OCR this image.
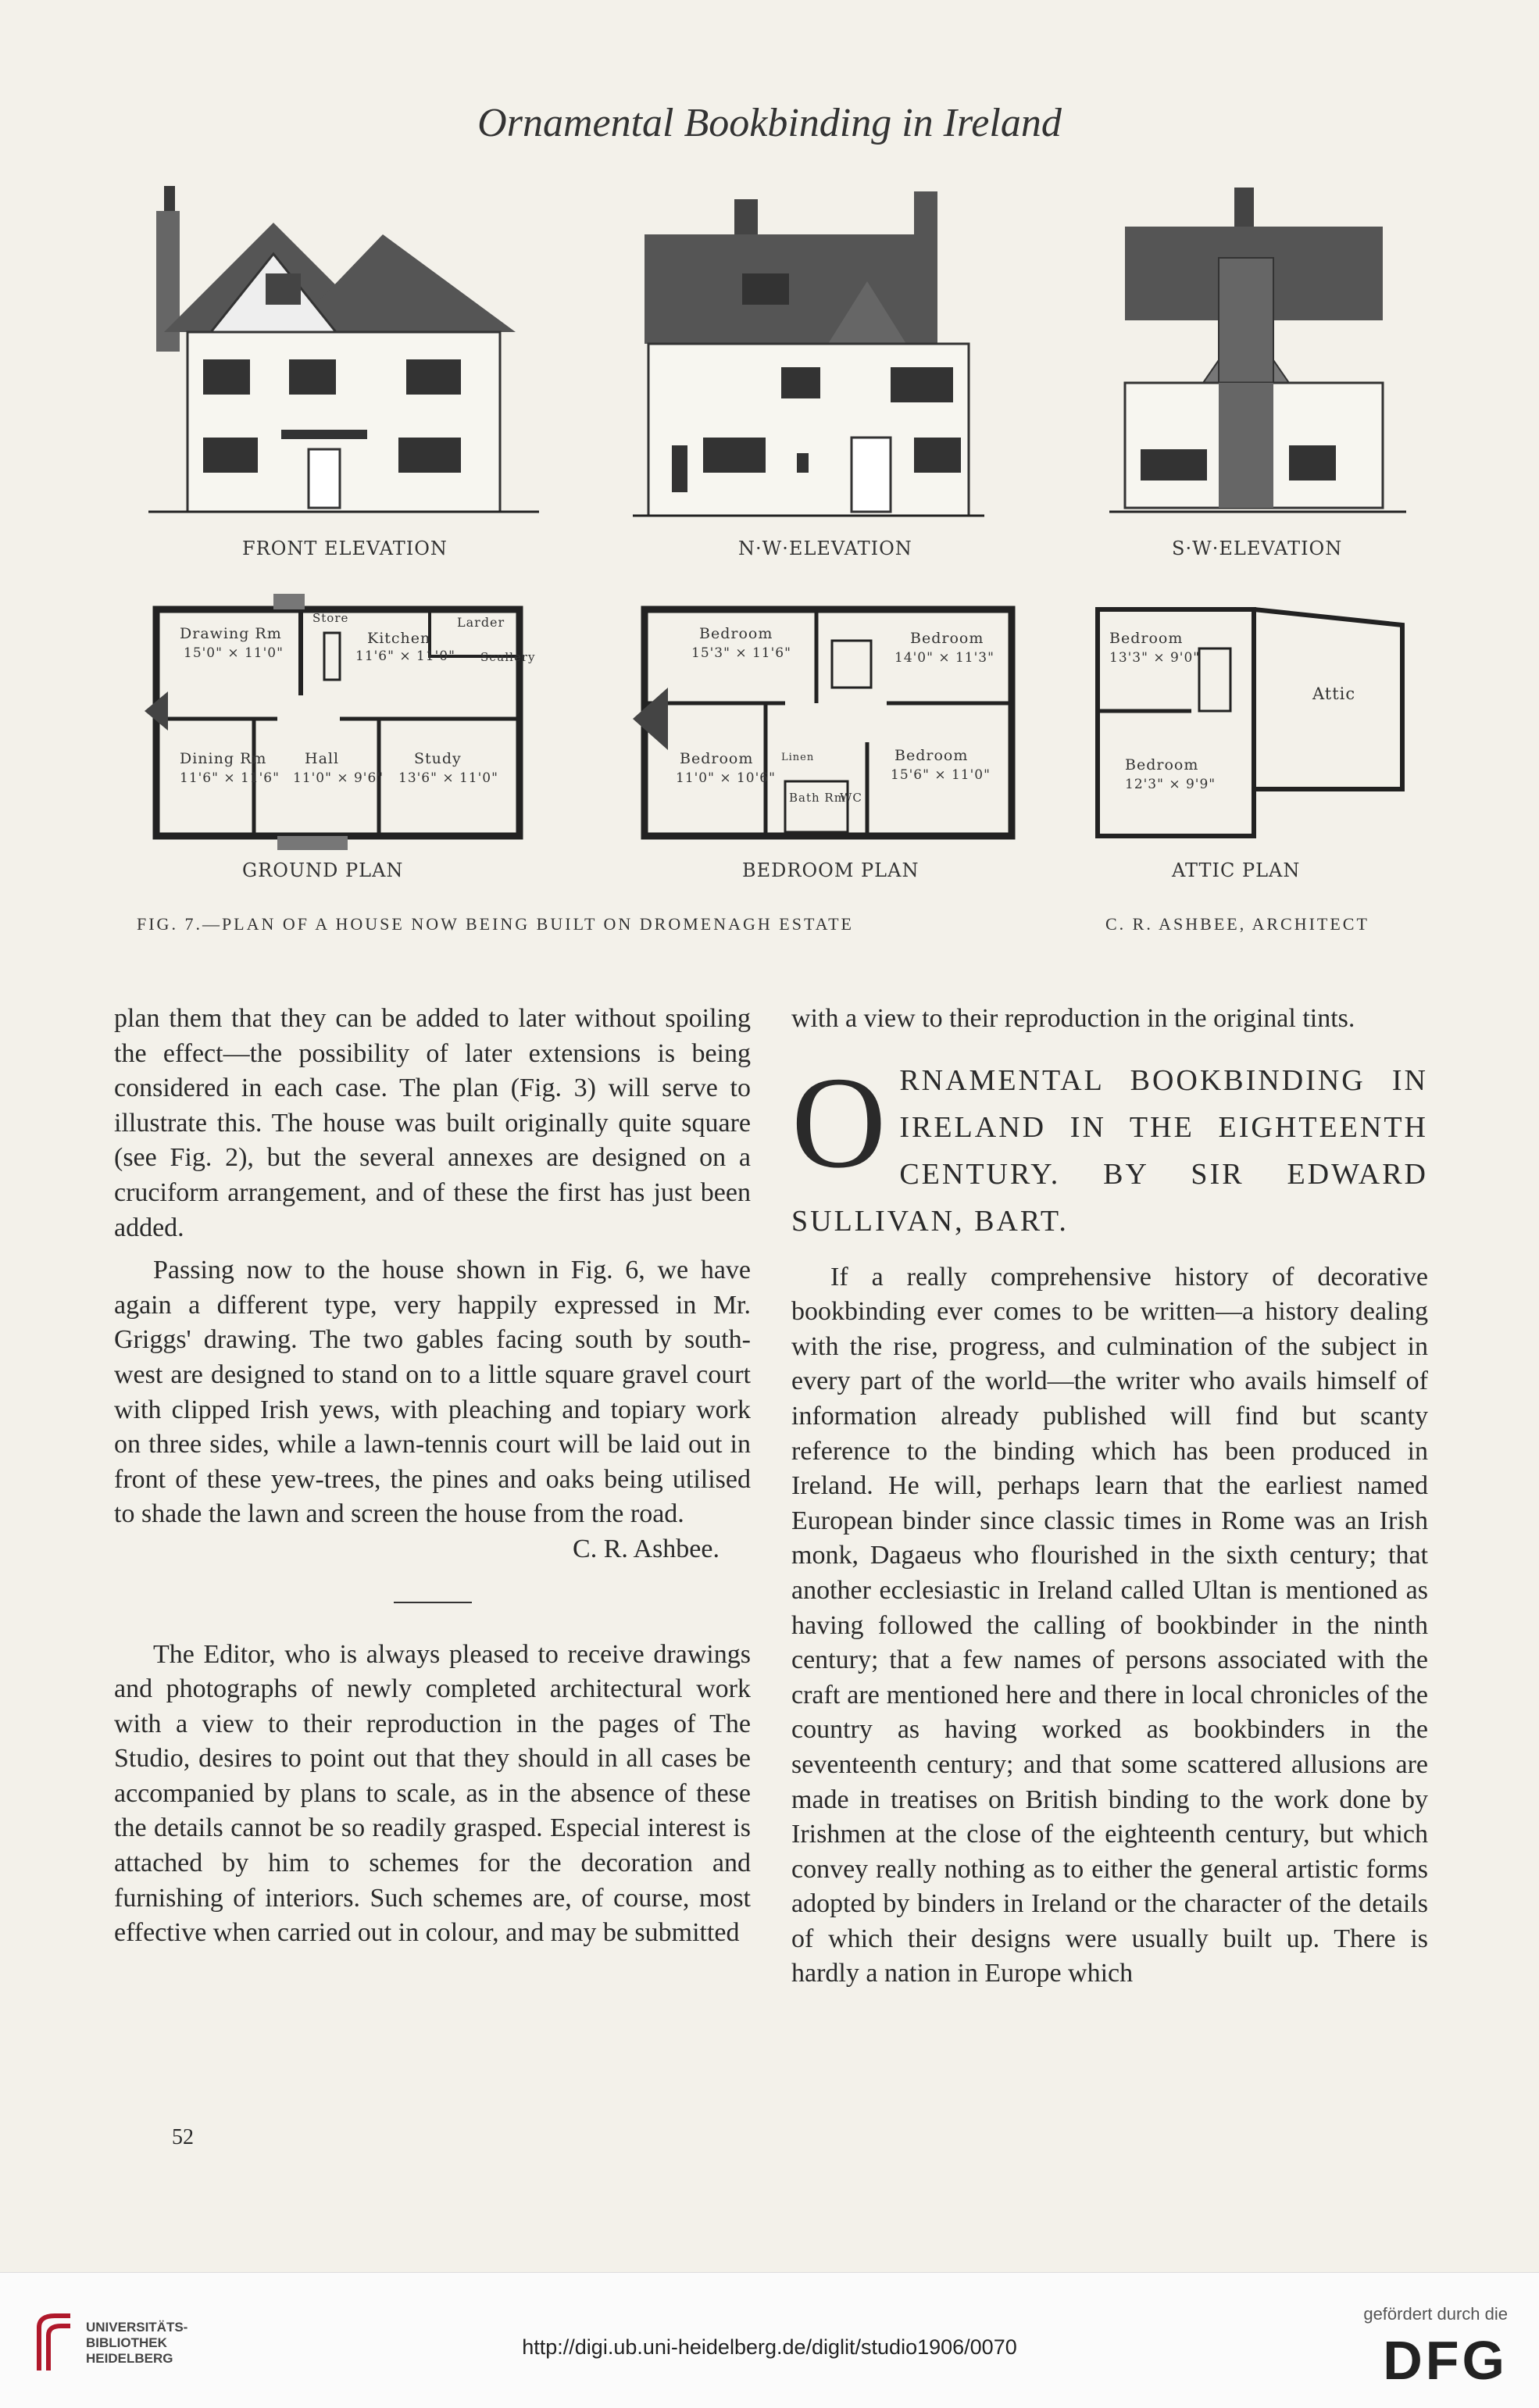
Ornamental Bookbinding in Ireland
FRONT ELEVATION	N·W·ELEVATION	S·W·ELEVATION
Drawing Rm
15'0" × 11'0"
Kitchen
11'6" × 11'0"
Larder
Scullery
Store
Dining Rm
11'6" × 11'6"
Hall
11'0" × 9'6"
Study
13'6" × 11'0"
GROUND PLAN
Bedroom
15'3" × 11'6"
Bedroom
14'0" × 11'3"
Bedroom
11'0" × 10'6"
Bedroom
15'6" × 11'0"
Bath Rm
WC
Linen
BEDROOM PLAN
Bedroom
13'3" × 9'0"
Attic
Bedroom
12'3" × 9'9"
ATTIC PLAN
FIG. 7.—PLAN OF A HOUSE NOW BEING BUILT ON DROMENAGH ESTATE	C. R. ASHBEE, ARCHITECT

plan them that they can be added to later without spoiling the effect—the possibility of later extensions is being considered in each case. The plan (Fig. 3) will serve to illustrate this. The house was built originally quite square (see Fig. 2), but the several annexes are designed on a cruciform arrangement, and of these the first has just been added.

Passing now to the house shown in Fig. 6, we have again a different type, very happily expressed in Mr. Griggs' drawing. The two gables facing south by south-west are designed to stand on to a little square gravel court with clipped Irish yews, with pleaching and topiary work on three sides, while a lawn-tennis court will be laid out in front of these yew-trees, the pines and oaks being utilised to shade the lawn and screen the house from the road.
C. R. Ashbee.

The Editor, who is always pleased to receive drawings and photographs of newly completed architectural work with a view to their reproduction in the pages of The Studio, desires to point out that they should in all cases be accompanied by plans to scale, as in the absence of these the details cannot be so readily grasped. Especial interest is attached by him to schemes for the decoration and furnishing of interiors. Such schemes are, of course, most effective when carried out in colour, and may be submitted

with a view to their reproduction in the original tints.

O RNAMENTAL BOOKBINDING IN IRELAND IN THE EIGHTEENTH CENTURY. BY SIR EDWARD SULLIVAN, BART.

If a really comprehensive history of decorative bookbinding ever comes to be written—a history dealing with the rise, progress, and culmination of the subject in every part of the world—the writer who avails himself of information already published will find but scanty reference to the binding which has been produced in Ireland. He will, perhaps learn that the earliest named European binder since classic times in Rome was an Irish monk, Dagaeus who flourished in the sixth century; that another ecclesiastic in Ireland called Ultan is mentioned as having followed the calling of bookbinder in the ninth century; that a few names of persons associated with the craft are mentioned here and there in local chronicles of the country as having worked as bookbinders in the seventeenth century; and that some scattered allusions are made in treatises on British binding to the work done by Irishmen at the close of the eighteenth century, but which convey really nothing as to either the general artistic forms adopted by binders in Ireland or the character of the details of which their designs were usually built up. There is hardly a nation in Europe which

52
UNIVERSITÄTS-
BIBLIOTHEK
HEIDELBERG	http://digi.ub.uni-heidelberg.de/diglit/studio1906/0070
gefördert durch die
DFG
